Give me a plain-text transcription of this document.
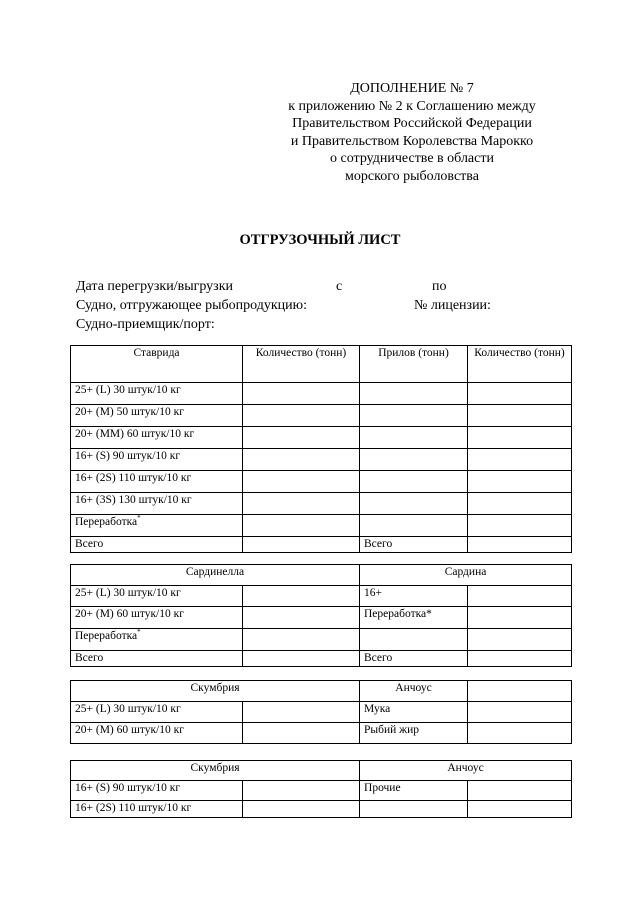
ДОПОЛНЕНИЕ № 7
к приложению № 2 к Соглашению между
Правительством Российской Федерации
и Правительством Королевства Марокко
о сотрудничестве в области
морского рыболовства
ОТГРУЗОЧНЫЙ ЛИСТ
Дата перегрузки/выгрузки	с	по
Судно, отгружающее рыбопродукцию:	№ лицензии:
Судно-приемщик/порт:
Ставрида	Количество (тонн)	Прилов (тонн)	Количество (тонн)
25+ (L) 30 штук/10 кг			
20+ (M) 50 штук/10 кг			
20+ (MM) 60 штук/10 кг			
16+ (S) 90 штук/10 кг			
16+ (2S) 110 штук/10 кг			
16+ (3S) 130 штук/10 кг			
Переработка*			
Всего		Всего	
Сардинелла		Сардина	
25+ (L) 30 штук/10 кг		16+	
20+ (M) 60 штук/10 кг		Переработка*	
Переработка*			
Всего		Всего	
Скумбрия		Анчоус	
25+ (L) 30 штук/10 кг		Мука	
20+ (M) 60 штук/10 кг		Рыбий жир	
Скумбрия		Анчоус	
16+ (S) 90 штук/10 кг		Прочие	
16+ (2S) 110 штук/10 кг			
